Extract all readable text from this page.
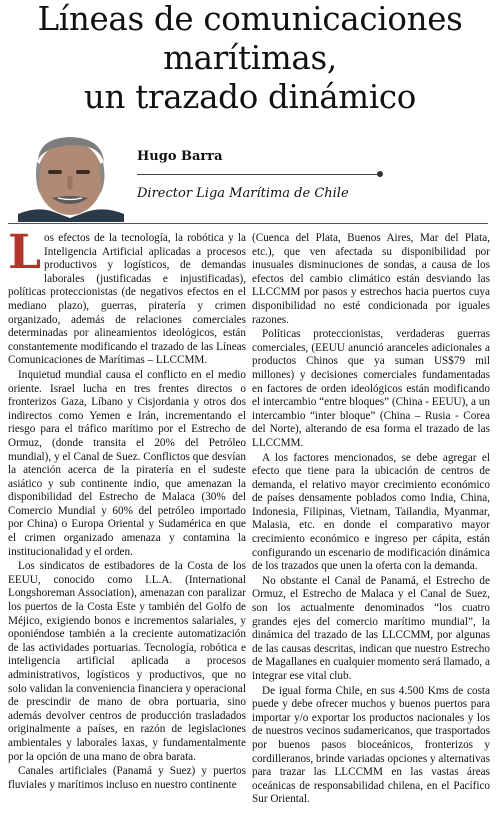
Líneas de comunicaciones
marítimas,
un trazado dinámico
Hugo Barra
Director Liga Marítima de Chile

Los efectos de la tecnología, la robótica y la Inteligencia Artificial aplicadas a procesos productivos y logísticos, de demandas laborales (justificadas e injustificadas), políticas proteccionistas (de negativos efectos en el mediano plazo), guerras, piratería y crimen organizado, además de relaciones comerciales determinadas por alineamientos ideológicos, están constantemente modificando el trazado de las Líneas Comunicaciones de Marítimas – LLCCMM.

Inquietud mundial causa el conflicto en el medio oriente. Israel lucha en tres frentes directos o fronterizos Gaza, Líbano y Cisjordania y otros dos indirectos como Yemen e Irán, incrementando el riesgo para el tráfico marítimo por el Estrecho de Ormuz, (donde transita el 20% del Petróleo mundial), y el Canal de Suez. Conflictos que desvían la atención acerca de la piratería en el sudeste asiático y sub continente indio, que amenazan la disponibilidad del Estrecho de Malaca (30% del Comercio Mundial y 60% del petróleo importado por China) o Europa Oriental y Sudamérica en que el crimen organizado amenaza y contamina la institucionalidad y el orden.

Los sindicatos de estibadores de la Costa de los EEUU, conocido como I.L.A. (International Longshoreman Association), amenazan con paralizar los puertos de la Costa Este y también del Golfo de Méjico, exigiendo bonos e incrementos salariales, y oponiéndose también a la creciente automatización de las actividades portuarias. Tecnología, robótica e inteligencia artificial aplicada a procesos administrativos, logísticos y productivos, que no solo validan la conveniencia financiera y operacional de prescindir de mano de obra portuaria, sino además devolver centros de producción trasladados originalmente a países, en razón de legislaciones ambientales y laborales laxas, y fundamentalmente por la opción de una mano de obra barata.

Canales artificiales (Panamá y Suez) y puertos fluviales y marítimos incluso en nuestro continente

(Cuenca del Plata, Buenos Aires, Mar del Plata, etc.), que ven afectada su disponibilidad por inusuales disminuciones de sondas, a causa de los efectos del cambio climático están desviando las LLCCMM por pasos y estrechos hacia puertos cuya disponibilidad no esté condicionada por iguales razones.

Políticas proteccionistas, verdaderas guerras comerciales, (EEUU anunció aranceles adicionales a productos Chinos que ya suman US$79 mil millones) y decisiones comerciales fundamentadas en factores de orden ideológicos están modificando el intercambio “entre bloques” (China - EEUU), a un intercambio “inter bloque” (China – Rusia - Corea del Norte), alterando de esa forma el trazado de las LLCCMM.

A los factores mencionados, se debe agregar el efecto que tiene para la ubicación de centros de demanda, el relativo mayor crecimiento económico de países densamente poblados como India, China, Indonesia, Filipinas, Vietnam, Tailandia, Myanmar, Malasia, etc. en donde el comparativo mayor crecimiento económico e ingreso per cápita, están configurando un escenario de modificación dinámica de los trazados que unen la oferta con la demanda.

No obstante el Canal de Panamá, el Estrecho de Ormuz, el Estrecho de Malaca y el Canal de Suez, son los actualmente denominados “los cuatro grandes ejes del comercio marítimo mundial”, la dinámica del trazado de las LLCCMM, por algunas de las causas descritas, indican que nuestro Estrecho de Magallanes en cualquier momento será llamado, a integrar ese vital club.

De igual forma Chile, en sus 4.500 Kms de costa puede y debe ofrecer muchos y buenos puertos para importar y/o exportar los productos nacionales y los de nuestros vecinos sudamericanos, que trasportados por buenos pasos bioceánicos, fronterizos y cordilleranos, brinde variadas opciones y alternativas para trazar las LLCCMM en las vastas áreas oceánicas de responsabilidad chilena, en el Pacífico Sur Oriental.
